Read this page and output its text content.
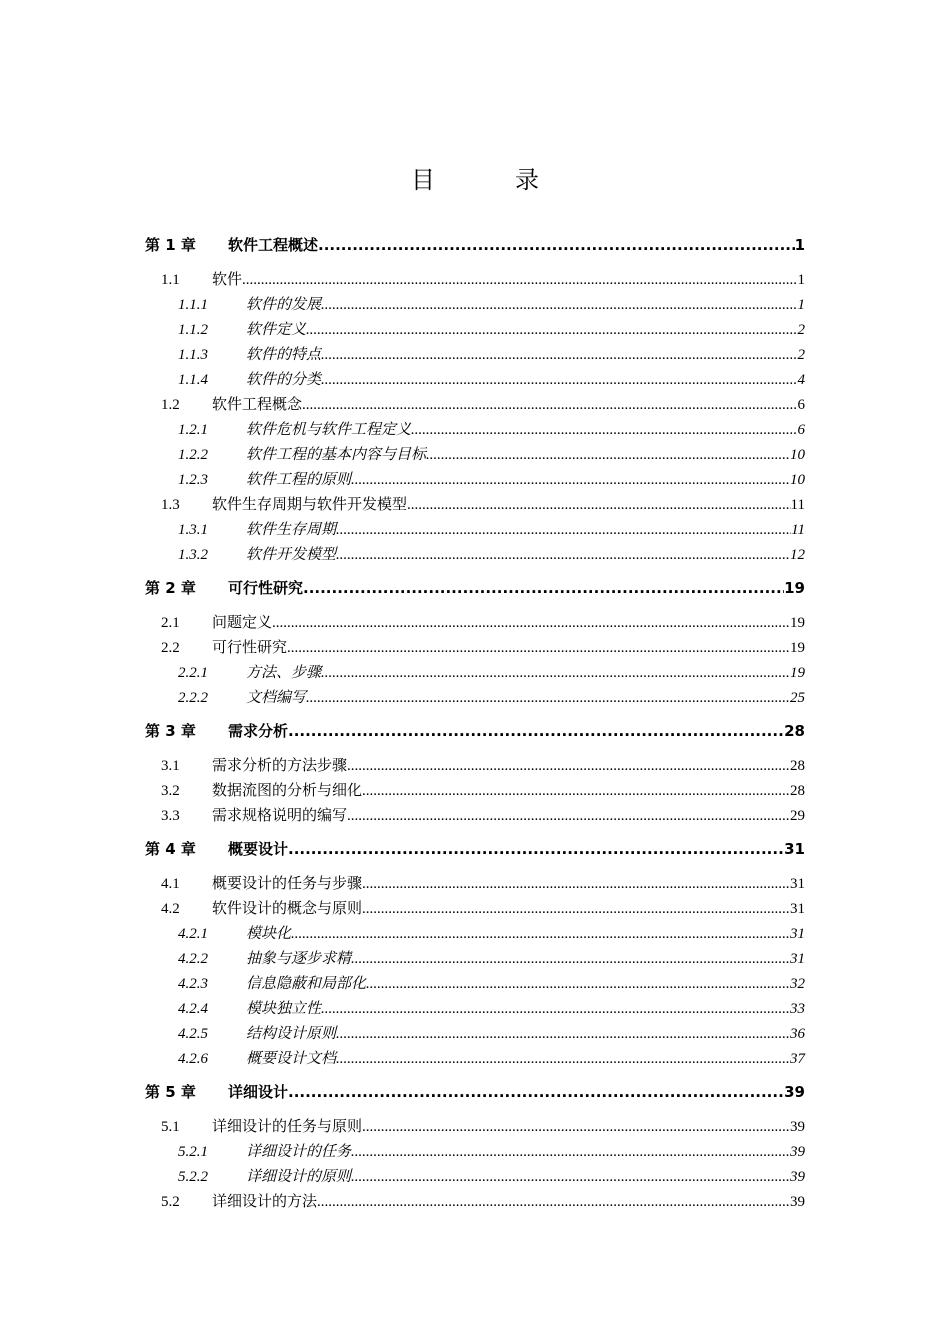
目　录
第 1 章	软件工程概述 .....	1
1.1	软件 .....	1
1.1.1	软件的发展 .....	1
1.1.2	软件定义 .....	2
1.1.3	软件的特点 .....	2
1.1.4	软件的分类 .....	4
1.2	软件工程概念 .....	6
1.2.1	软件危机与软件工程定义 .....	6
1.2.2	软件工程的基本内容与目标 .....	10
1.2.3	软件工程的原则 .....	10
1.3	软件生存周期与软件开发模型 .....	11
1.3.1	软件生存周期 .....	11
1.3.2	软件开发模型 .....	12
第 2 章	可行性研究 .....	19
2.1	问题定义 .....	19
2.2	可行性研究 .....	19
2.2.1	方法、步骤 .....	19
2.2.2	文档编写 .....	25
第 3 章	需求分析 .....	28
3.1	需求分析的方法步骤 .....	28
3.2	数据流图的分析与细化 .....	28
3.3	需求规格说明的编写 .....	29
第 4 章	概要设计 .....	31
4.1	概要设计的任务与步骤 .....	31
4.2	软件设计的概念与原则 .....	31
4.2.1	模块化 .....	31
4.2.2	抽象与逐步求精 .....	31
4.2.3	信息隐蔽和局部化 .....	32
4.2.4	模块独立性 .....	33
4.2.5	结构设计原则 .....	36
4.2.6	概要设计文档 .....	37
第 5 章	详细设计 .....	39
5.1	详细设计的任务与原则 .....	39
5.2.1	详细设计的任务 .....	39
5.2.2	详细设计的原则 .....	39
5.2	详细设计的方法 .....	39
